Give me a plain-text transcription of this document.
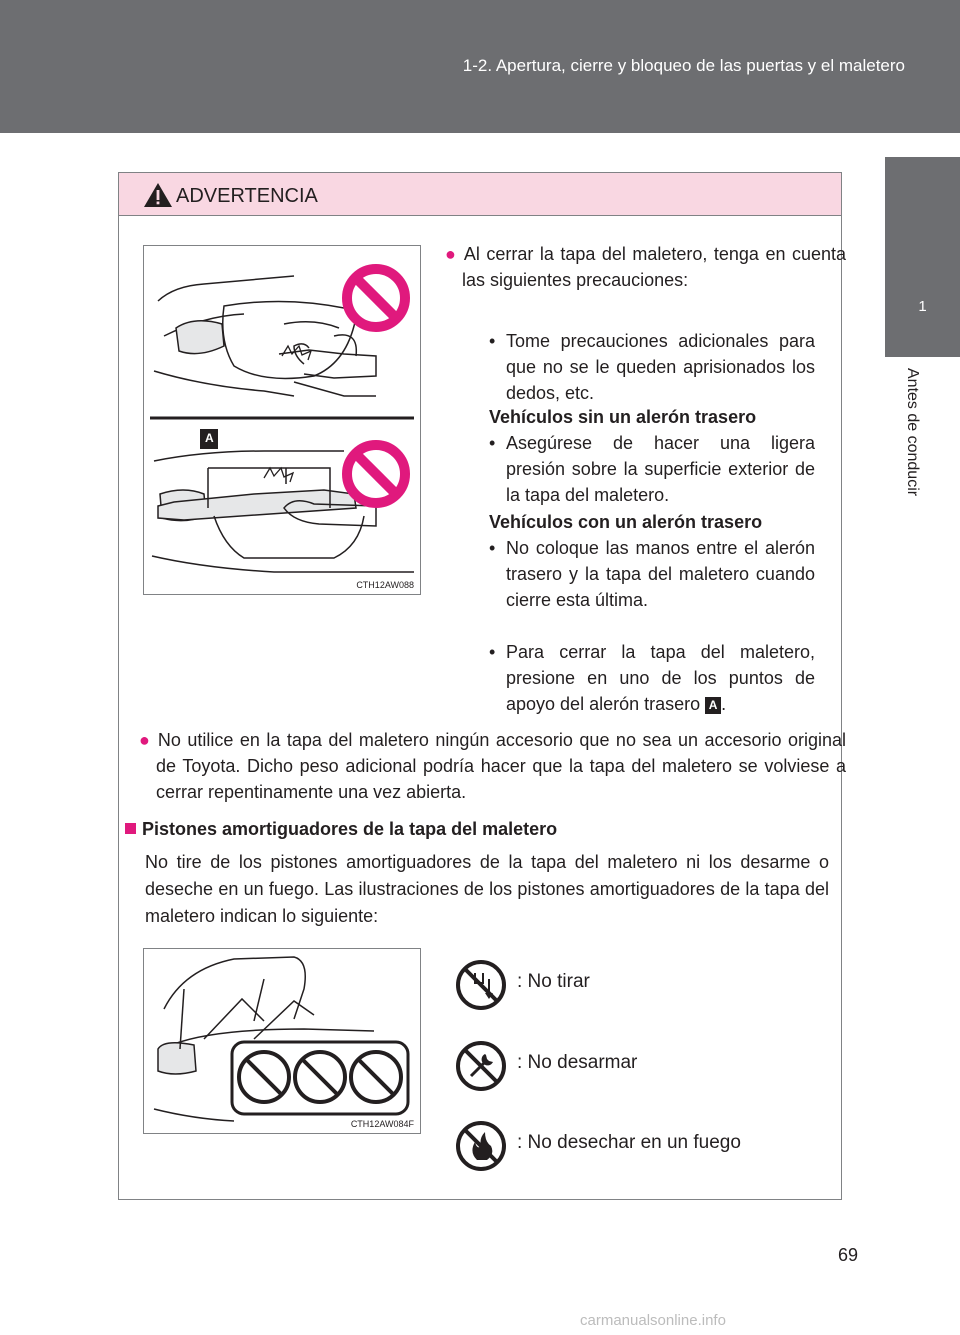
1-2. Apertura, cierre y bloqueo de las puertas y el maletero
1
Antes de conducir
ADVERTENCIA
A
CTH12AW088
● Al cerrar la tapa del maletero, tenga en cuenta las siguientes precauciones:
• Tome precauciones adicionales para que no se le queden aprisionados los dedos, etc.
Vehículos sin un alerón trasero
• Asegúrese de hacer una ligera presión sobre la superficie exterior de la tapa del maletero.
Vehículos con un alerón trasero
• No coloque las manos entre el alerón trasero y la tapa del maletero cuando cierre esta última.
• Para cerrar la tapa del maletero, presione en uno de los puntos de apoyo del alerón trasero A .
● No utilice en la tapa del maletero ningún accesorio que no sea un accesorio original de Toyota. Dicho peso adicional podría hacer que la tapa del maletero se volviese a cerrar repentinamente una vez abierta.
Pistones amortiguadores de la tapa del maletero
No tire de los pistones amortiguadores de la tapa del maletero ni los desarme o deseche en un fuego. Las ilustraciones de los pistones amortiguadores de la tapa del maletero indican lo siguiente:
CTH12AW084F
: No tirar
: No desarmar
: No desechar en un fuego
69
carmanualsonline.info
